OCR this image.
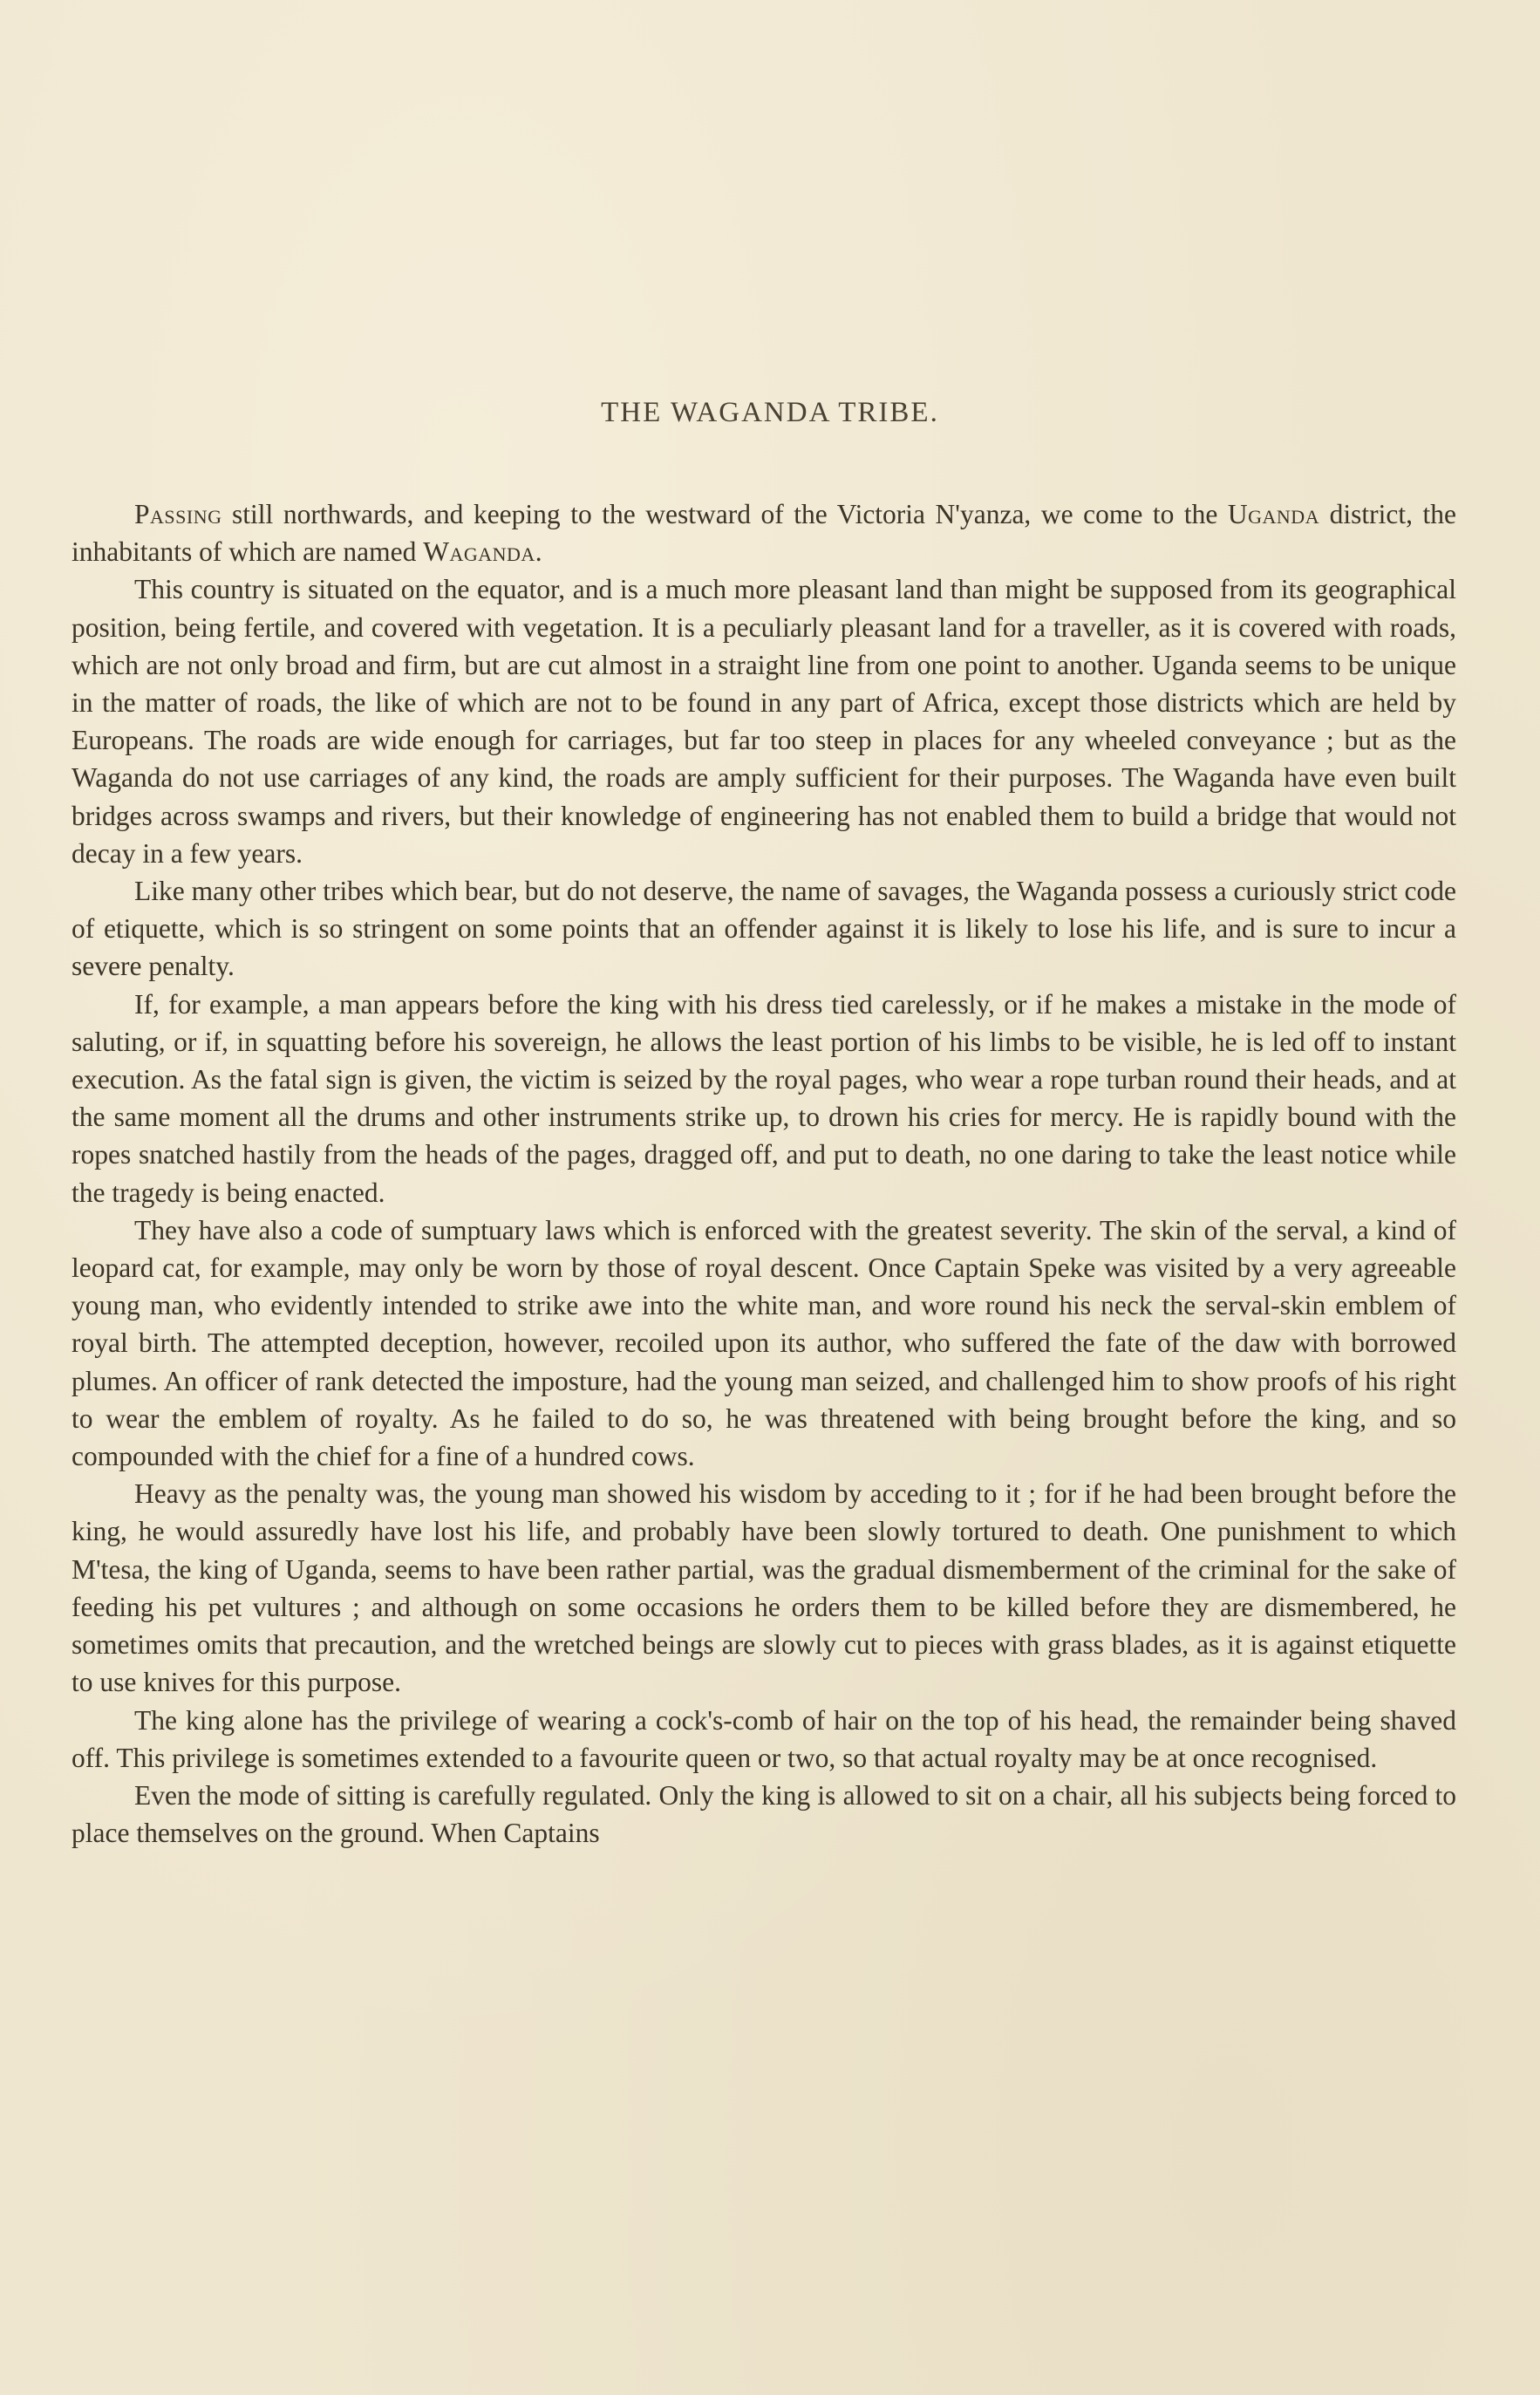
THE WAGANDA TRIBE.

Passing still northwards, and keeping to the westward of the Victoria N'yanza, we come to the Uganda district, the inhabitants of which are named Waganda.

This country is situated on the equator, and is a much more pleasant land than might be supposed from its geographical position, being fertile, and covered with vegetation. It is a peculiarly pleasant land for a traveller, as it is covered with roads, which are not only broad and firm, but are cut almost in a straight line from one point to another. Uganda seems to be unique in the matter of roads, the like of which are not to be found in any part of Africa, except those districts which are held by Europeans. The roads are wide enough for carriages, but far too steep in places for any wheeled conveyance ; but as the Waganda do not use carriages of any kind, the roads are amply sufficient for their purposes. The Waganda have even built bridges across swamps and rivers, but their knowledge of engineering has not enabled them to build a bridge that would not decay in a few years.

Like many other tribes which bear, but do not deserve, the name of savages, the Waganda possess a curiously strict code of etiquette, which is so stringent on some points that an offender against it is likely to lose his life, and is sure to incur a severe penalty.

If, for example, a man appears before the king with his dress tied carelessly, or if he makes a mistake in the mode of saluting, or if, in squatting before his sovereign, he allows the least portion of his limbs to be visible, he is led off to instant execution. As the fatal sign is given, the victim is seized by the royal pages, who wear a rope turban round their heads, and at the same moment all the drums and other instruments strike up, to drown his cries for mercy. He is rapidly bound with the ropes snatched hastily from the heads of the pages, dragged off, and put to death, no one daring to take the least notice while the tragedy is being enacted.

They have also a code of sumptuary laws which is enforced with the greatest severity. The skin of the serval, a kind of leopard cat, for example, may only be worn by those of royal descent. Once Captain Speke was visited by a very agreeable young man, who evidently intended to strike awe into the white man, and wore round his neck the serval-skin emblem of royal birth. The attempted deception, however, recoiled upon its author, who suffered the fate of the daw with borrowed plumes. An officer of rank detected the imposture, had the young man seized, and challenged him to show proofs of his right to wear the emblem of royalty. As he failed to do so, he was threatened with being brought before the king, and so compounded with the chief for a fine of a hundred cows.

Heavy as the penalty was, the young man showed his wisdom by acceding to it ; for if he had been brought before the king, he would assuredly have lost his life, and probably have been slowly tortured to death. One punishment to which M'tesa, the king of Uganda, seems to have been rather partial, was the gradual dismemberment of the criminal for the sake of feeding his pet vultures ; and although on some occasions he orders them to be killed before they are dismembered, he sometimes omits that precaution, and the wretched beings are slowly cut to pieces with grass blades, as it is against etiquette to use knives for this purpose.

The king alone has the privilege of wearing a cock's-comb of hair on the top of his head, the remainder being shaved off. This privilege is sometimes extended to a favourite queen or two, so that actual royalty may be at once recognised.

Even the mode of sitting is carefully regulated. Only the king is allowed to sit on a chair, all his subjects being forced to place themselves on the ground. When Captains
